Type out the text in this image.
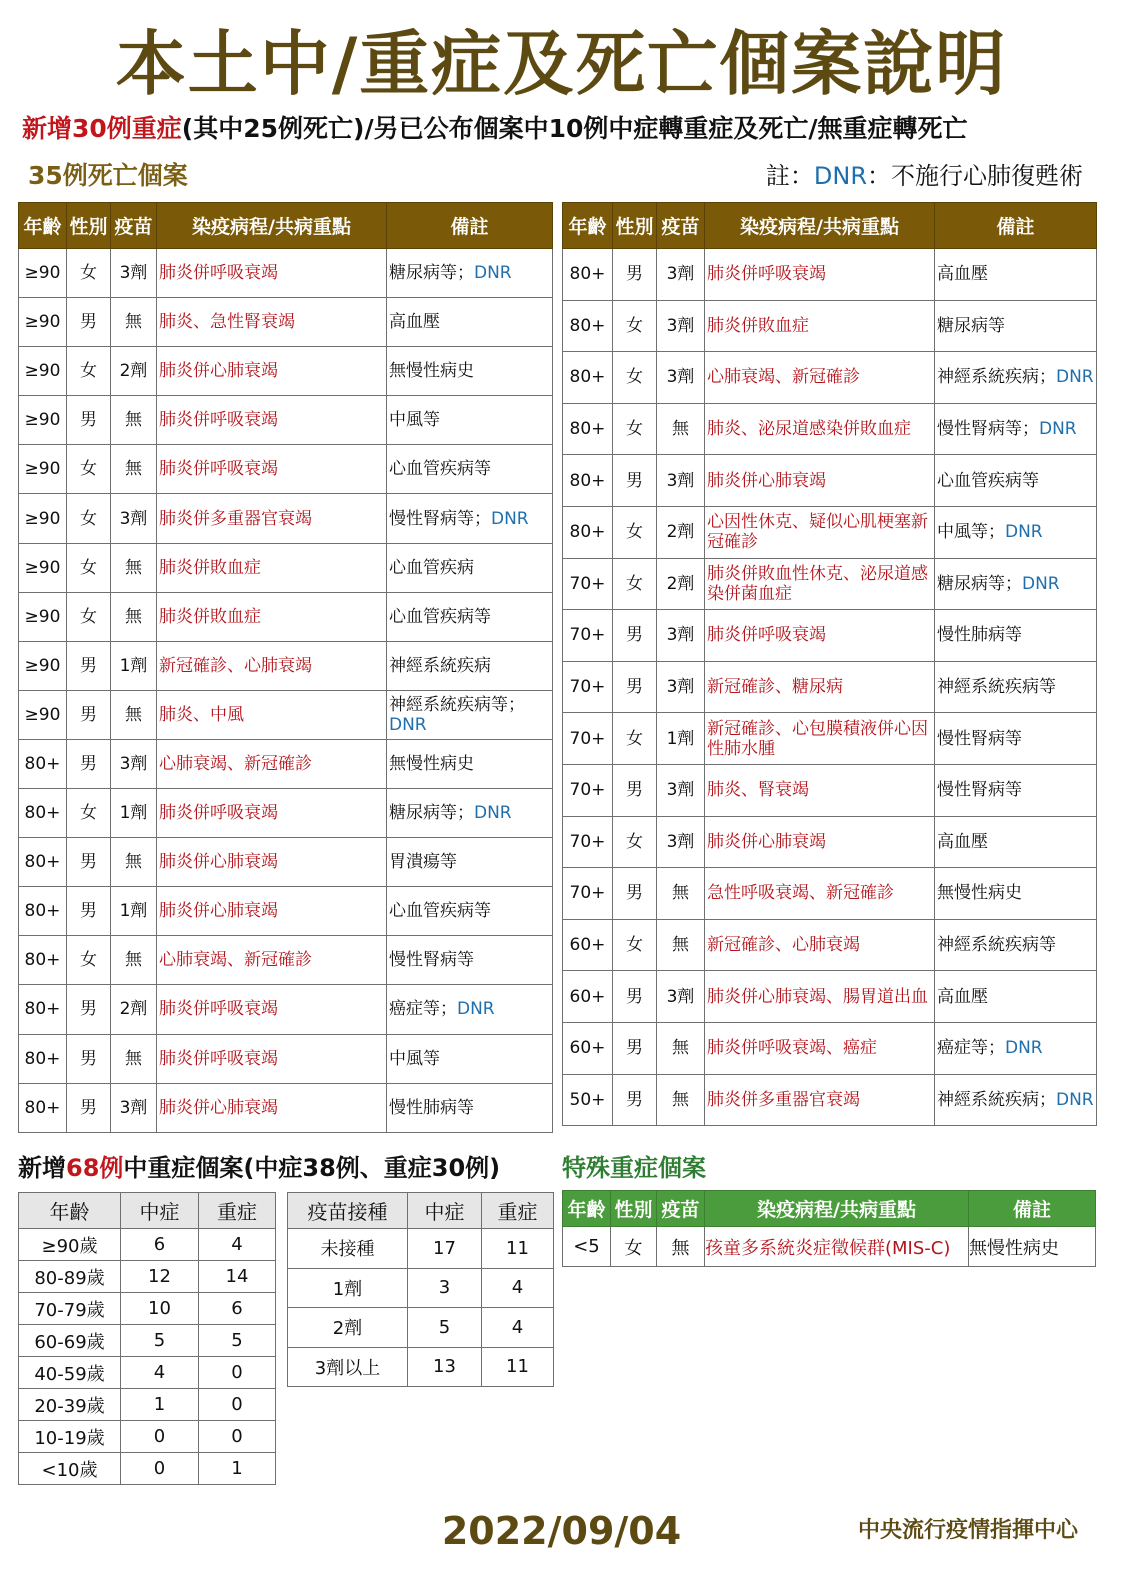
本土中/重症及死亡個案說明
新增30例重症(其中25例死亡)/另已公布個案中10例中症轉重症及死亡/無重症轉死亡
35例死亡個案	註：DNR：不施行心肺復甦術
年齡	性別	疫苗	染疫病程/共病重點	備註
≥90	女	3劑	肺炎併呼吸衰竭	糖尿病等；DNR
≥90	男	無	肺炎、急性腎衰竭	高血壓
≥90	女	2劑	肺炎併心肺衰竭	無慢性病史
≥90	男	無	肺炎併呼吸衰竭	中風等
≥90	女	無	肺炎併呼吸衰竭	心血管疾病等
≥90	女	3劑	肺炎併多重器官衰竭	慢性腎病等；DNR
≥90	女	無	肺炎併敗血症	心血管疾病
≥90	女	無	肺炎併敗血症	心血管疾病等
≥90	男	1劑	新冠確診、心肺衰竭	神經系統疾病
≥90	男	無	肺炎、中風	神經系統疾病等；DNR
80+	男	3劑	心肺衰竭、新冠確診	無慢性病史
80+	女	1劑	肺炎併呼吸衰竭	糖尿病等；DNR
80+	男	無	肺炎併心肺衰竭	胃潰瘍等
80+	男	1劑	肺炎併心肺衰竭	心血管疾病等
80+	女	無	心肺衰竭、新冠確診	慢性腎病等
80+	男	2劑	肺炎併呼吸衰竭	癌症等；DNR
80+	男	無	肺炎併呼吸衰竭	中風等
80+	男	3劑	肺炎併心肺衰竭	慢性肺病等
年齡	性別	疫苗	染疫病程/共病重點	備註
80+	男	3劑	肺炎併呼吸衰竭	高血壓
80+	女	3劑	肺炎併敗血症	糖尿病等
80+	女	3劑	心肺衰竭、新冠確診	神經系統疾病；DNR
80+	女	無	肺炎、泌尿道感染併敗血症	慢性腎病等；DNR
80+	男	3劑	肺炎併心肺衰竭	心血管疾病等
80+	女	2劑	心因性休克、疑似心肌梗塞新冠確診	中風等；DNR
70+	女	2劑	肺炎併敗血性休克、泌尿道感染併菌血症	糖尿病等；DNR
70+	男	3劑	肺炎併呼吸衰竭	慢性肺病等
70+	男	3劑	新冠確診、糖尿病	神經系統疾病等
70+	女	1劑	新冠確診、心包膜積液併心因性肺水腫	慢性腎病等
70+	男	3劑	肺炎、腎衰竭	慢性腎病等
70+	女	3劑	肺炎併心肺衰竭	高血壓
70+	男	無	急性呼吸衰竭、新冠確診	無慢性病史
60+	女	無	新冠確診、心肺衰竭	神經系統疾病等
60+	男	3劑	肺炎併心肺衰竭、腸胃道出血	高血壓
60+	男	無	肺炎併呼吸衰竭、癌症	癌症等；DNR
50+	男	無	肺炎併多重器官衰竭	神經系統疾病；DNR
新增68例中重症個案(中症38例、重症30例)	特殊重症個案
年齡	中症	重症
≥90歲	6	4
80-89歲	12	14
70-79歲	10	6
60-69歲	5	5
40-59歲	4	0
20-39歲	1	0
10-19歲	0	0
<10歲	0	1
疫苗接種	中症	重症
未接種	17	11
1劑	3	4
2劑	5	4
3劑以上	13	11
年齡	性別	疫苗	染疫病程/共病重點	備註
<5	女	無	孩童多系統炎症徵候群(MIS-C)	無慢性病史
2022/09/04	中央流行疫情指揮中心
